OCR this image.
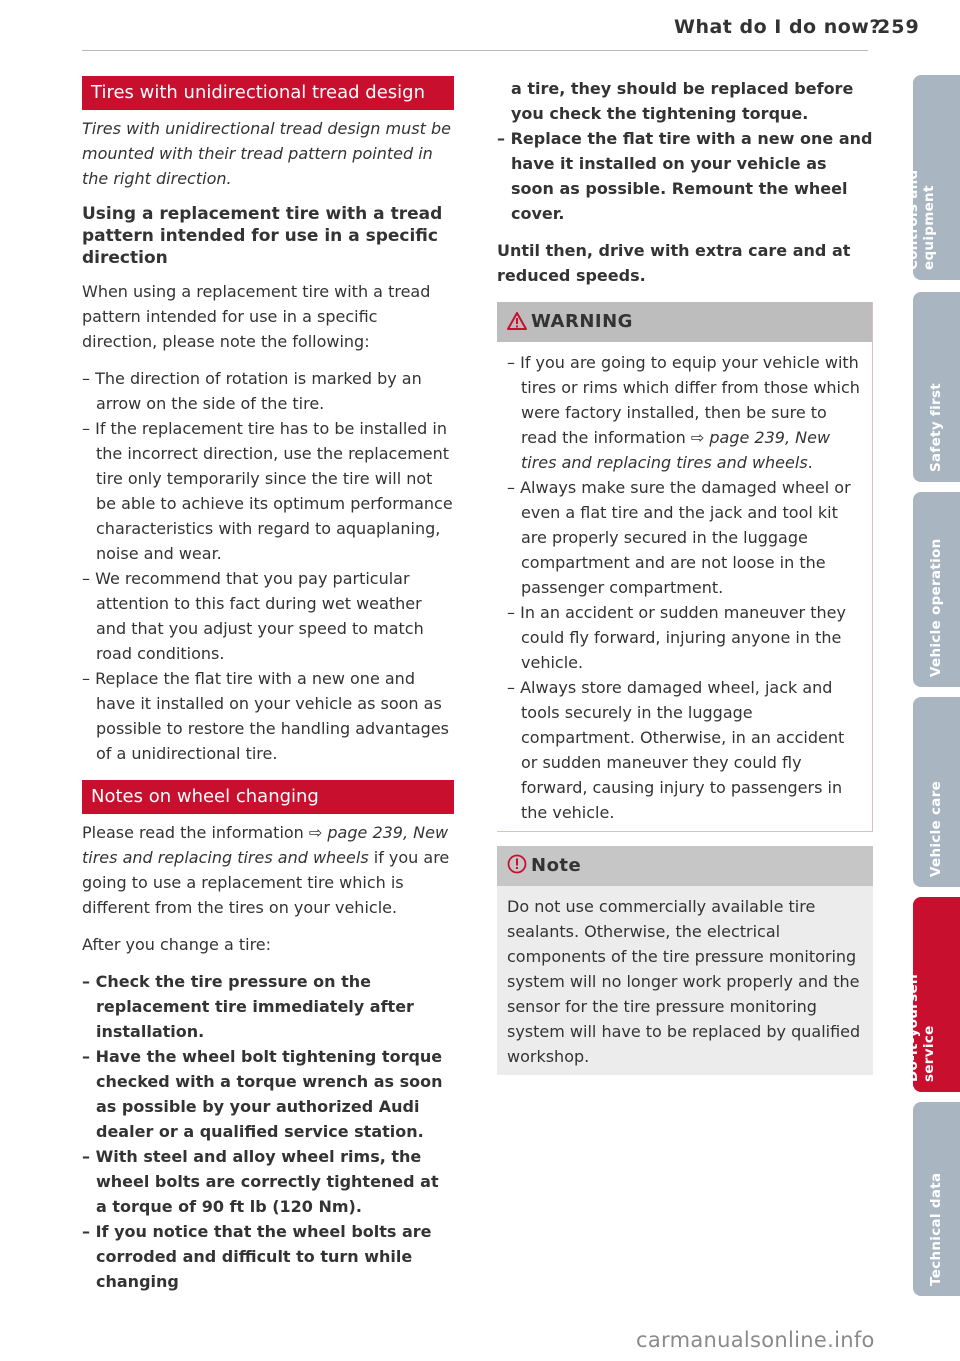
What do I do now?
259
Tires with unidirectional tread design

Tires with unidirectional tread design must be mounted with their tread pattern pointed in the right direction.

Using a replacement tire with a tread pattern intended for use in a specific direction

When using a replacement tire with a tread pattern intended for use in a specific direction, please note the following:

– The direction of rotation is marked by an arrow on the side of the tire.
– If the replacement tire has to be installed in the incorrect direction, use the replacement tire only temporarily since the tire will not be able to achieve its optimum performance characteristics with regard to aquaplaning, noise and wear.
– We recommend that you pay particular attention to this fact during wet weather and that you adjust your speed to match road conditions.
– Replace the flat tire with a new one and have it installed on your vehicle as soon as possible to restore the handling advantages of a unidirectional tire.
Notes on wheel changing

Please read the information ⇨ page 239, New tires and replacing tires and wheels if you are going to use a replacement tire which is different from the tires on your vehicle.

After you change a tire:

– Check the tire pressure on the replacement tire immediately after installation.
– Have the wheel bolt tightening torque checked with a torque wrench as soon as possible by your authorized Audi dealer or a qualified service station.
– With steel and alloy wheel rims, the wheel bolts are correctly tightened at a torque of 90 ft lb (120 Nm).
– If you notice that the wheel bolts are corroded and difficult to turn while changing

a tire, they should be replaced before you check the tightening torque.

– Replace the flat tire with a new one and have it installed on your vehicle as soon as possible. Remount the wheel cover.

Until then, drive with extra care and at reduced speeds.

WARNING
– If you are going to equip your vehicle with tires or rims which differ from those which were factory installed, then be sure to read the information ⇨ page 239, New tires and replacing tires and wheels.
– Always make sure the damaged wheel or even a flat tire and the jack and tool kit are properly secured in the luggage compartment and are not loose in the passenger compartment.
– In an accident or sudden maneuver they could fly forward, injuring anyone in the vehicle.
– Always store damaged wheel, jack and tools securely in the luggage compartment. Otherwise, in an accident or sudden maneuver they could fly forward, causing injury to passengers in the vehicle.
Note

Do not use commercially available tire sealants. Otherwise, the electrical components of the tire pressure monitoring system will no longer work properly and the sensor for the tire pressure monitoring system will have to be replaced by qualified workshop.

Controls and equipment
Safety first
Vehicle operation
Vehicle care
Do-it-yourself service
Technical data
carmanualsonline.info
